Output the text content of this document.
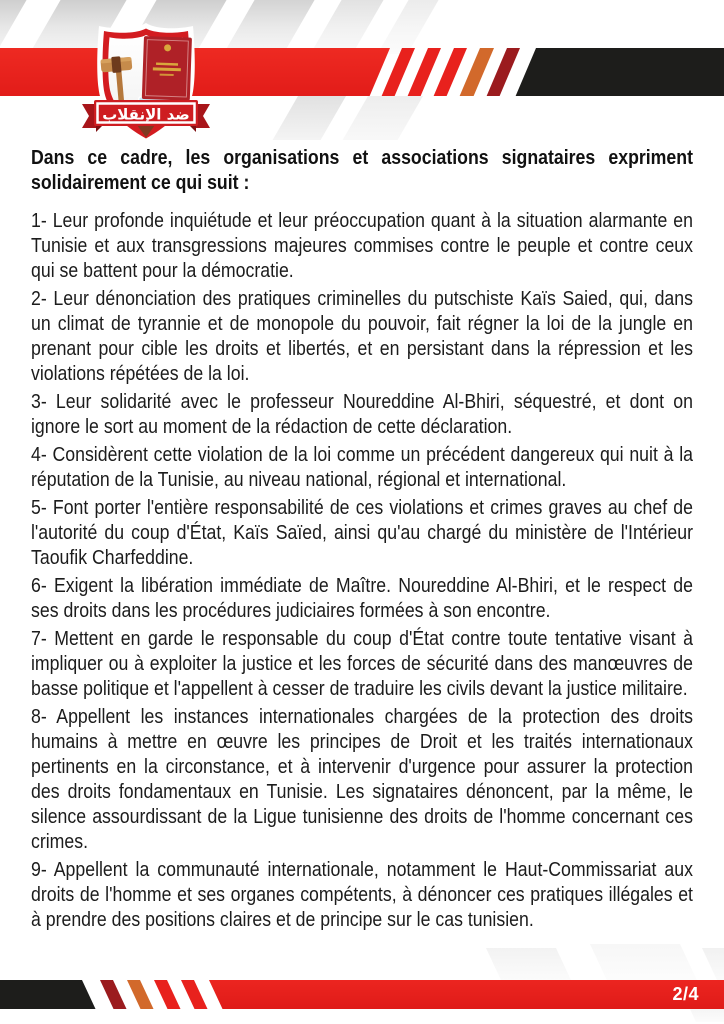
ضد الإنقلاب

Dans ce cadre, les organisations et associations signataires expriment solidairement ce qui suit :

1- Leur profonde inquiétude et leur préoccupation quant à la situation alarmante en Tunisie et aux transgressions majeures commises contre le peuple et contre ceux qui se battent pour la démocratie.

2- Leur dénonciation des pratiques criminelles du putschiste Kaïs Saied, qui, dans un climat de tyrannie et de monopole du pouvoir, fait régner la loi de la jungle en prenant pour cible les droits et libertés, et en persistant dans la répression et les violations répétées de la loi.

3- Leur solidarité avec le professeur Noureddine Al-Bhiri, séquestré, et dont on ignore le sort au moment de la rédaction de cette déclaration.

4- Considèrent cette violation de la loi comme un précédent dangereux qui nuit à la réputation de la Tunisie, au niveau national, régional et international.

5- Font porter l'entière responsabilité de ces violations et crimes graves au chef de l'autorité du coup d'État, Kaïs Saïed, ainsi qu'au chargé du ministère de l'Intérieur Taoufik Charfeddine.

6- Exigent la libération immédiate de Maître. Noureddine Al-Bhiri, et le respect de ses droits dans les procédures judiciaires formées à son encontre.

7- Mettent en garde le responsable du coup d'État contre toute tentative visant à impliquer ou à exploiter la justice et les forces de sécurité dans des manœuvres de basse politique et l'appellent à cesser de traduire les civils devant la justice militaire.

8- Appellent les instances internationales chargées de la protection des droits humains à mettre en œuvre les principes de Droit et les traités internationaux pertinents en la circonstance, et à intervenir d'urgence pour assurer la protection des droits fondamentaux en Tunisie. Les signataires dénoncent, par la même, le silence assourdissant de la Ligue tunisienne des droits de l'homme concernant ces crimes.

9- Appellent la communauté internationale, notamment le Haut-Commissariat aux droits de l'homme et ses organes compétents, à dénoncer ces pratiques illégales et à prendre des positions claires et de principe sur le cas tunisien.

2/4
